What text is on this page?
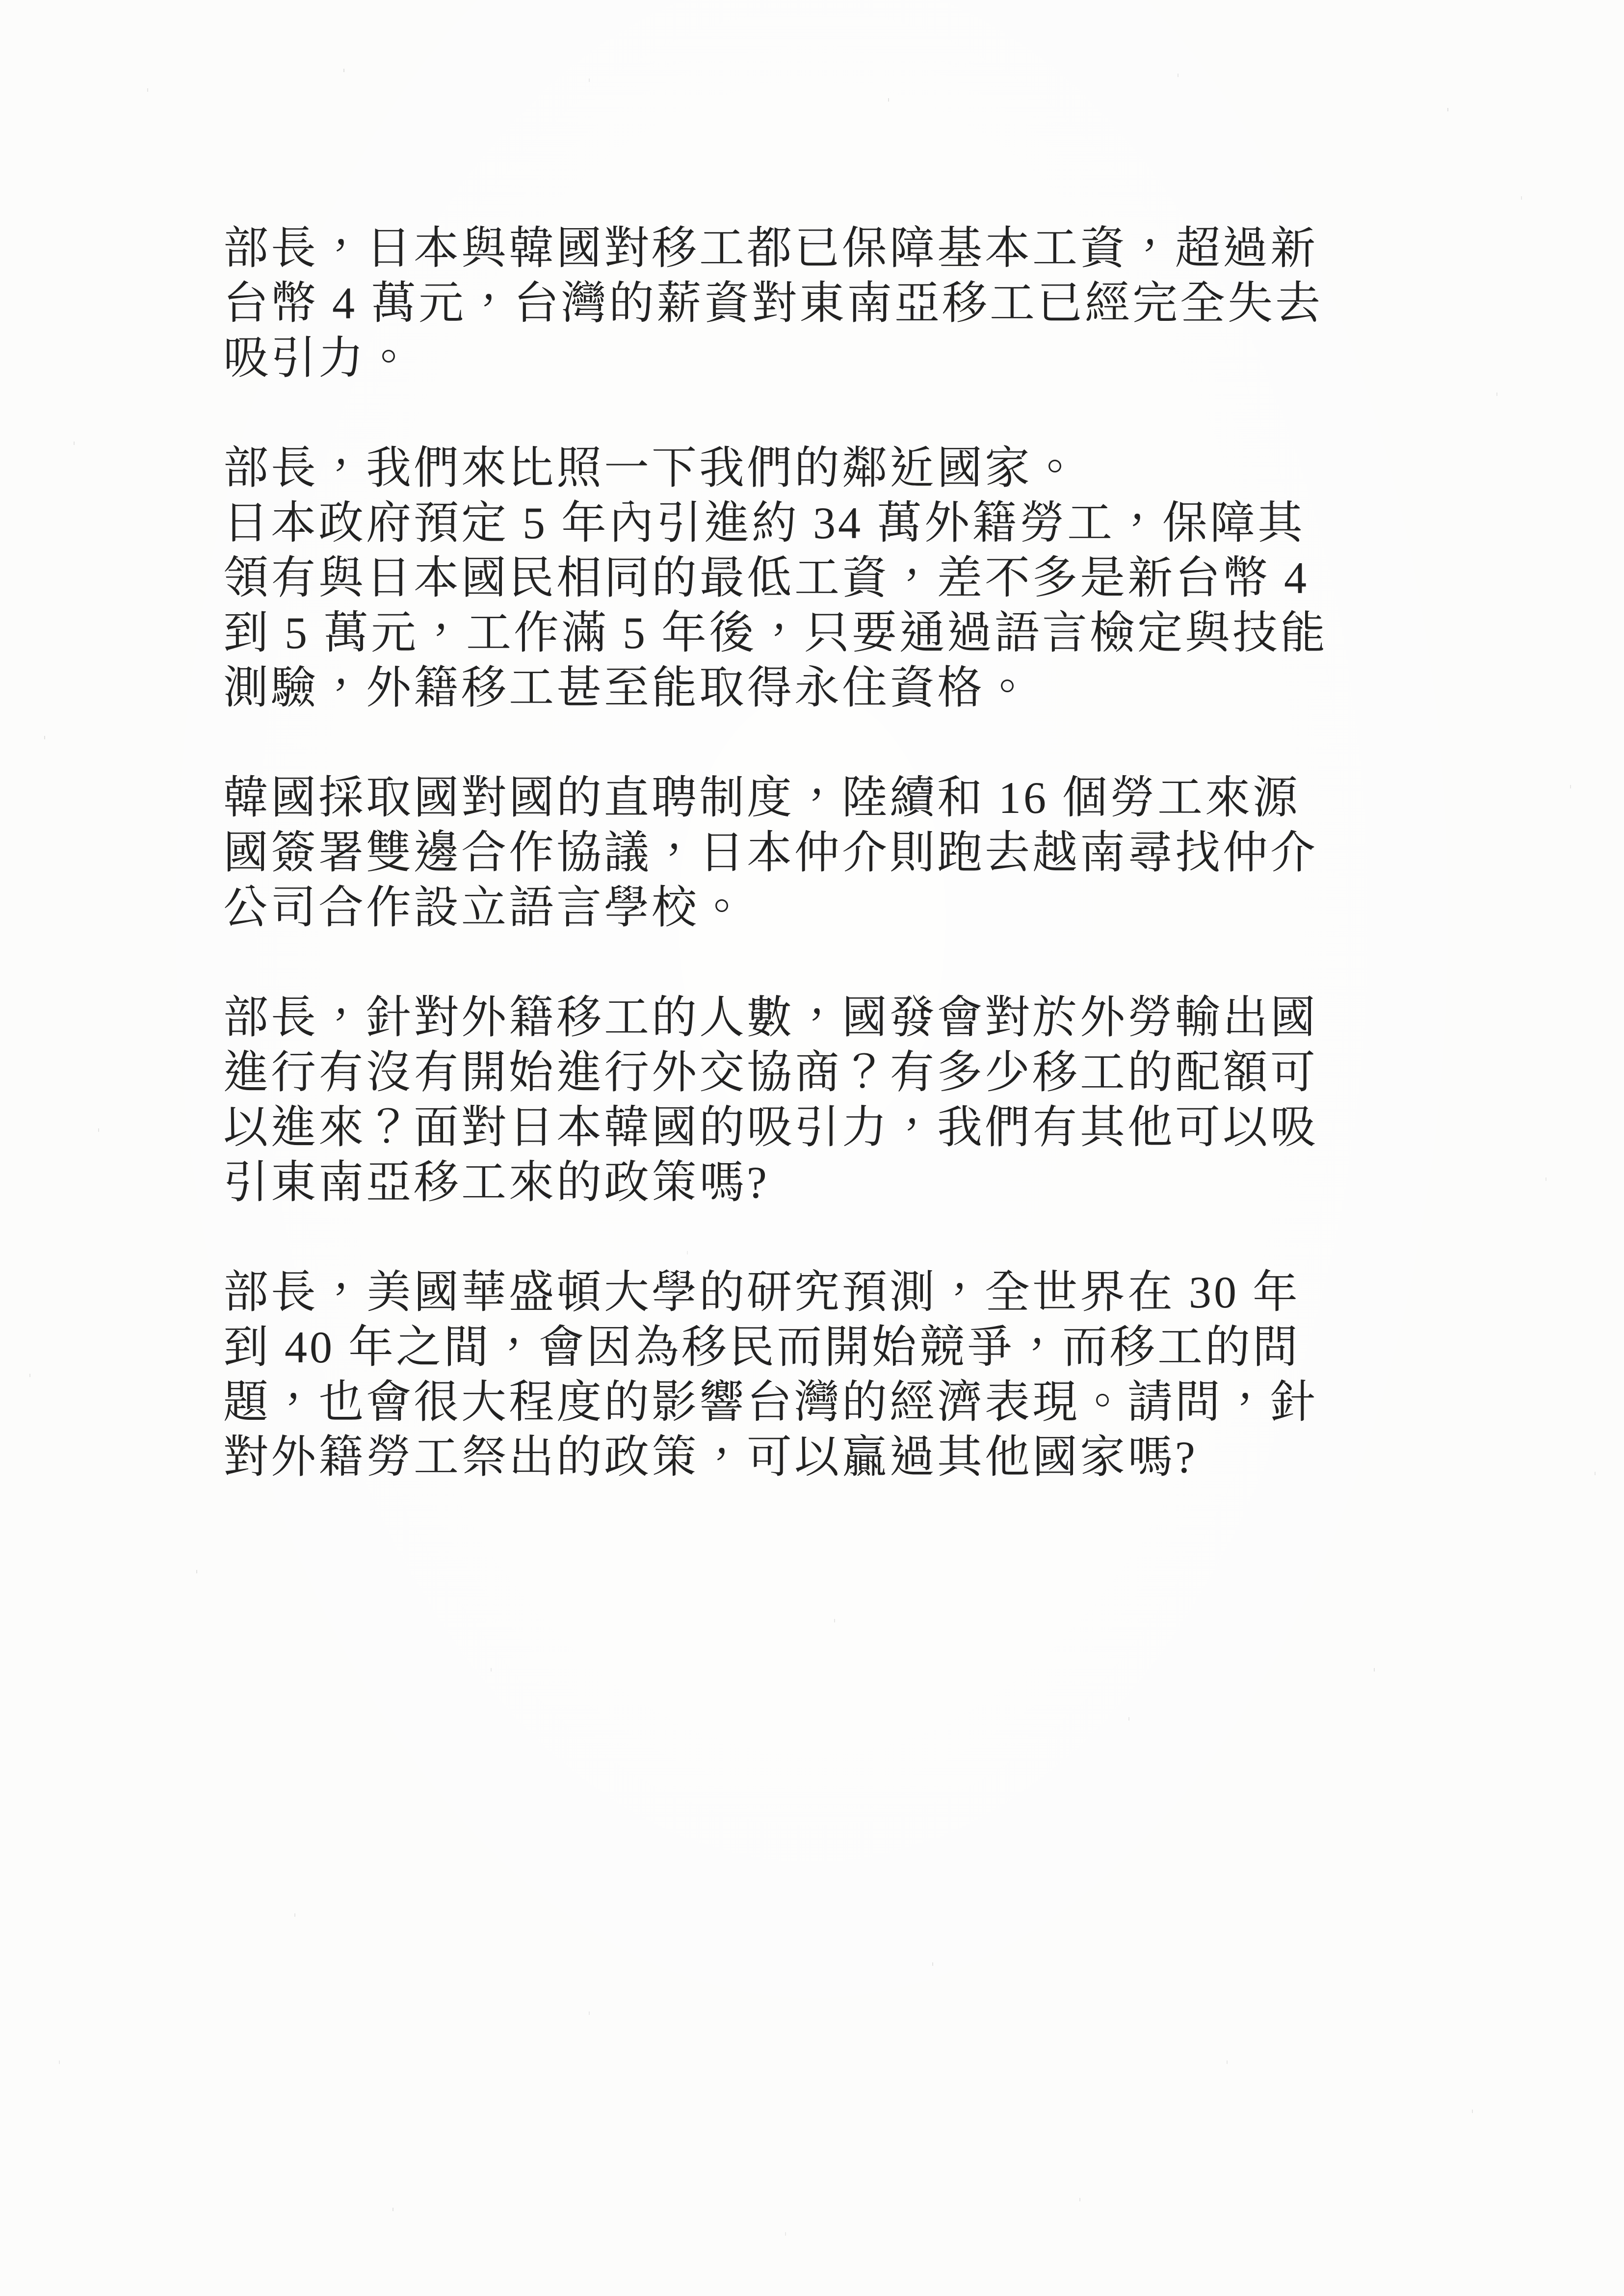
部長，日本與韓國對移工都已保障基本工資，超過新
台幣 4 萬元，台灣的薪資對東南亞移工已經完全失去
吸引力。

部長，我們來比照一下我們的鄰近國家。
日本政府預定 5 年內引進約 34 萬外籍勞工，保障其
領有與日本國民相同的最低工資，差不多是新台幣 4
到 5 萬元，工作滿 5 年後，只要通過語言檢定與技能
測驗，外籍移工甚至能取得永住資格。

韓國採取國對國的直聘制度，陸續和 16 個勞工來源
國簽署雙邊合作協議，日本仲介則跑去越南尋找仲介
公司合作設立語言學校。

部長，針對外籍移工的人數，國發會對於外勞輸出國
進行有沒有開始進行外交協商？有多少移工的配額可
以進來？面對日本韓國的吸引力，我們有其他可以吸
引東南亞移工來的政策嗎?

部長，美國華盛頓大學的研究預測，全世界在 30 年
到 40 年之間，會因為移民而開始競爭，而移工的問
題，也會很大程度的影響台灣的經濟表現。請問，針
對外籍勞工祭出的政策，可以贏過其他國家嗎?
